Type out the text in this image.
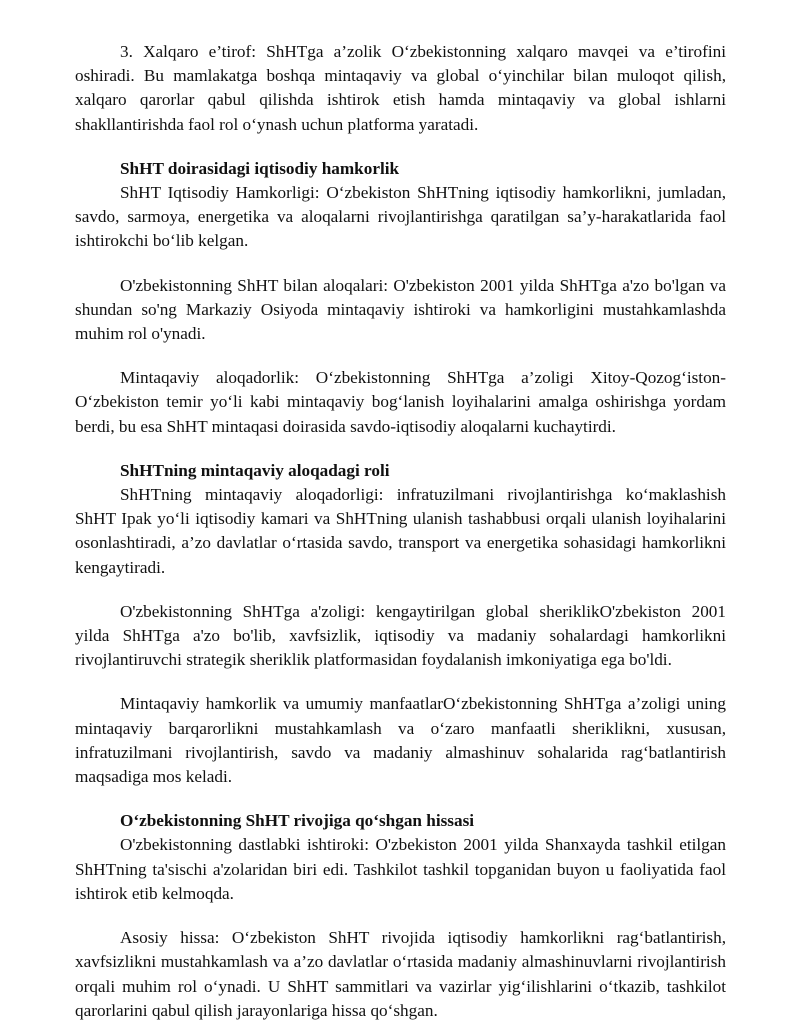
3. Xalqaro e’tirof: ShHTga a’zolik O‘zbekistonning xalqaro mavqei va e’tirofini oshiradi. Bu mamlakatga boshqa mintaqaviy va global o‘yinchilar bilan muloqot qilish, xalqaro qarorlar qabul qilishda ishtirok etish hamda mintaqaviy va global ishlarni shakllantirishda faol rol o‘ynash uchun platforma yaratadi.

ShHT doirasidagi iqtisodiy hamkorlik

ShHT Iqtisodiy Hamkorligi: O‘zbekiston ShHTning iqtisodiy hamkorlikni, jumladan, savdo, sarmoya, energetika va aloqalarni rivojlantirishga qaratilgan sa’y-harakatlarida faol ishtirokchi bo‘lib kelgan.

O'zbekistonning ShHT bilan aloqalari: O'zbekiston 2001 yilda ShHTga a'zo bo'lgan va shundan so'ng Markaziy Osiyoda mintaqaviy ishtiroki va hamkorligini mustahkamlashda muhim rol o'ynadi.

Mintaqaviy aloqadorlik: O‘zbekistonning ShHTga a’zoligi Xitoy-Qozog‘iston-O‘zbekiston temir yo‘li kabi mintaqaviy bog‘lanish loyihalarini amalga oshirishga yordam berdi, bu esa ShHT mintaqasi doirasida savdo-iqtisodiy aloqalarni kuchaytirdi.

ShHTning mintaqaviy aloqadagi roli

ShHTning mintaqaviy aloqadorligi: infratuzilmani rivojlantirishga ko‘maklashish ShHT Ipak yo‘li iqtisodiy kamari va ShHTning ulanish tashabbusi orqali ulanish loyihalarini osonlashtiradi, a’zo davlatlar o‘rtasida savdo, transport va energetika sohasidagi hamkorlikni kengaytiradi.

O'zbekistonning ShHTga a'zoligi: kengaytirilgan global sheriklikO'zbekiston 2001 yilda ShHTga a'zo bo'lib, xavfsizlik, iqtisodiy va madaniy sohalardagi hamkorlikni rivojlantiruvchi strategik sheriklik platformasidan foydalanish imkoniyatiga ega bo'ldi.

Mintaqaviy hamkorlik va umumiy manfaatlarO‘zbekistonning ShHTga a’zoligi uning mintaqaviy barqarorlikni mustahkamlash va o‘zaro manfaatli sheriklikni, xususan, infratuzilmani rivojlantirish, savdo va madaniy almashinuv sohalarida rag‘batlantirish maqsadiga mos keladi.

O‘zbekistonning ShHT rivojiga qo‘shgan hissasi

O'zbekistonning dastlabki ishtiroki: O'zbekiston 2001 yilda Shanxayda tashkil etilgan ShHTning ta'sischi a'zolaridan biri edi. Tashkilot tashkil topganidan buyon u faoliyatida faol ishtirok etib kelmoqda.

Asosiy hissa: O‘zbekiston ShHT rivojida iqtisodiy hamkorlikni rag‘batlantirish, xavfsizlikni mustahkamlash va a’zo davlatlar o‘rtasida madaniy almashinuvlarni rivojlantirish orqali muhim rol o‘ynadi. U ShHT sammitlari va vazirlar yig‘ilishlarini o‘tkazib, tashkilot qarorlarini qabul qilish jarayonlariga hissa qo‘shgan.
